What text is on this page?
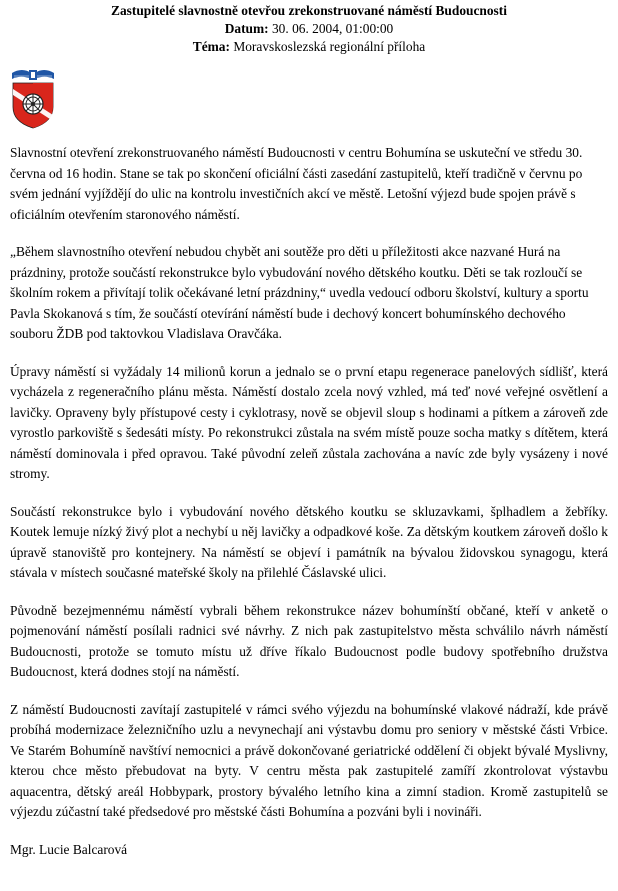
Zastupitelé slavnostně otevřou zrekonstruované náměstí Budoucnosti
Datum: 30. 06. 2004, 01:00:00
Téma: Moravskoslezská regionální příloha

Slavnostní otevření zrekonstruovaného náměstí Budoucnosti v centru Bohumína se uskuteční ve středu 30. června od 16 hodin. Stane se tak po skončení oficiální části zasedání zastupitelů, kteří tradičně v červnu po svém jednání vyjíždějí do ulic na kontrolu investičních akcí ve městě. Letošní výjezd bude spojen právě s oficiálním otevřením staronového náměstí.

„Během slavnostního otevření nebudou chybět ani soutěže pro děti u příležitosti akce nazvané Hurá na prázdniny, protože součástí rekonstrukce bylo vybudování nového dětského koutku. Děti se tak rozloučí se školním rokem a přivítají tolik očekávané letní prázdniny,“ uvedla vedoucí odboru školství, kultury a sportu Pavla Skokanová s tím, že součástí otevírání náměstí bude i dechový koncert bohumínského dechového souboru ŽDB pod taktovkou Vladislava Oravčáka.

Úpravy náměstí si vyžádaly 14 milionů korun a jednalo se o první etapu regenerace panelových sídlišť, která vycházela z regeneračního plánu města. Náměstí dostalo zcela nový vzhled, má teď nové veřejné osvětlení a lavičky. Opraveny byly přístupové cesty i cyklotrasy, nově se objevil sloup s hodinami a pítkem a zároveň zde vyrostlo parkoviště s šedesáti místy. Po rekonstrukci zůstala na svém místě pouze socha matky s dítětem, která náměstí dominovala i před opravou. Také původní zeleň zůstala zachována a navíc zde byly vysázeny i nové stromy.

Součástí rekonstrukce bylo i vybudování nového dětského koutku se skluzavkami, šplhadlem a žebříky. Koutek lemuje nízký živý plot a nechybí u něj lavičky a odpadkové koše. Za dětským koutkem zároveň došlo k úpravě stanoviště pro kontejnery. Na náměstí se objeví i památník na bývalou židovskou synagogu, která stávala v místech současné mateřské školy na přilehlé Čáslavské ulici.

Původně bezejmennému náměstí vybrali během rekonstrukce název bohumínští občané, kteří v anketě o pojmenování náměstí posílali radnici své návrhy. Z nich pak zastupitelstvo města schválilo návrh náměstí Budoucnosti, protože se tomuto místu už dříve říkalo Budoucnost podle budovy spotřebního družstva Budoucnost, která dodnes stojí na náměstí.

Z náměstí Budoucnosti zavítají zastupitelé v rámci svého výjezdu na bohumínské vlakové nádraží, kde právě probíhá modernizace železničního uzlu a nevynechají ani výstavbu domu pro seniory v městské části Vrbice. Ve Starém Bohumíně navštíví nemocnici a právě dokončované geriatrické oddělení či objekt bývalé Myslivny, kterou chce město přebudovat na byty. V centru města pak zastupitelé zamíří zkontrolovat výstavbu aquacentra, dětský areál Hobbypark, prostory bývalého letního kina a zimní stadion. Kromě zastupitelů se výjezdu zúčastní také předsedové pro městské části Bohumína a pozváni byli i novináři.

Mgr. Lucie Balcarová
